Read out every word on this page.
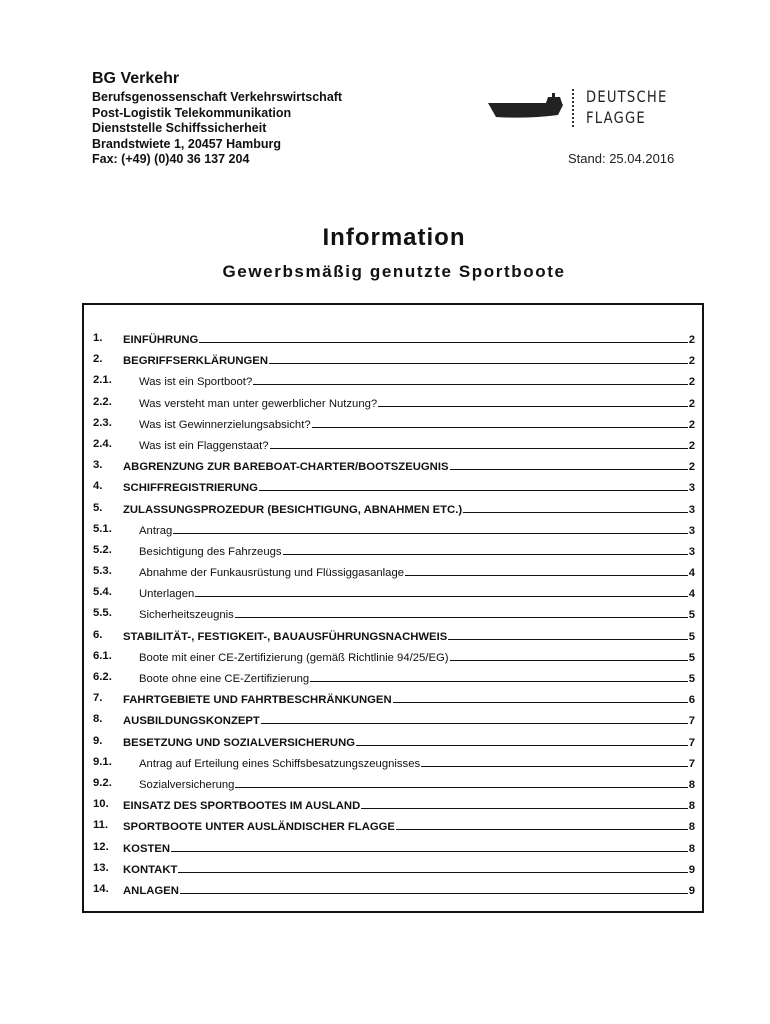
BG Verkehr
Berufsgenossenschaft Verkehrswirtschaft
Post-Logistik Telekommunikation
Dienststelle Schiffssicherheit
Brandstwiete 1, 20457 Hamburg
Fax: (+49) (0)40 36 137 204
DEUTSCHE
FLAGGE
Stand: 25.04.2016
Information
Gewerbsmäßig genutzte Sportboote
1. EINFÜHRUNG	2
2. BEGRIFFSERKLÄRUNGEN	2
2.1. Was ist ein Sportboot?	2
2.2. Was versteht man unter gewerblicher Nutzung?	2
2.3. Was ist Gewinnerzielungsabsicht?	2
2.4. Was ist ein Flaggenstaat?	2
3. ABGRENZUNG ZUR BAREBOAT-CHARTER/BOOTSZEUGNIS	2
4. SCHIFFREGISTRIERUNG	3
5. ZULASSUNGSPROZEDUR (BESICHTIGUNG, ABNAHMEN ETC.)	3
5.1. Antrag	3
5.2. Besichtigung des Fahrzeugs	3
5.3. Abnahme der Funkausrüstung und Flüssiggasanlage	4
5.4. Unterlagen	4
5.5. Sicherheitszeugnis	5
6. STABILITÄT-, FESTIGKEIT-, BAUAUSFÜHRUNGSNACHWEIS	5
6.1. Boote mit einer CE-Zertifizierung (gemäß Richtlinie 94/25/EG)	5
6.2. Boote ohne eine CE-Zertifizierung	5
7. FAHRTGEBIETE UND FAHRTBESCHRÄNKUNGEN	6
8. AUSBILDUNGSKONZEPT	7
9. BESETZUNG UND SOZIALVERSICHERUNG	7
9.1. Antrag auf Erteilung eines Schiffsbesatzungszeugnisses	7
9.2. Sozialversicherung	8
10. EINSATZ DES SPORTBOOTES IM AUSLAND	8
11. SPORTBOOTE UNTER AUSLÄNDISCHER FLAGGE	8
12. KOSTEN	8
13. KONTAKT	9
14. ANLAGEN	9
